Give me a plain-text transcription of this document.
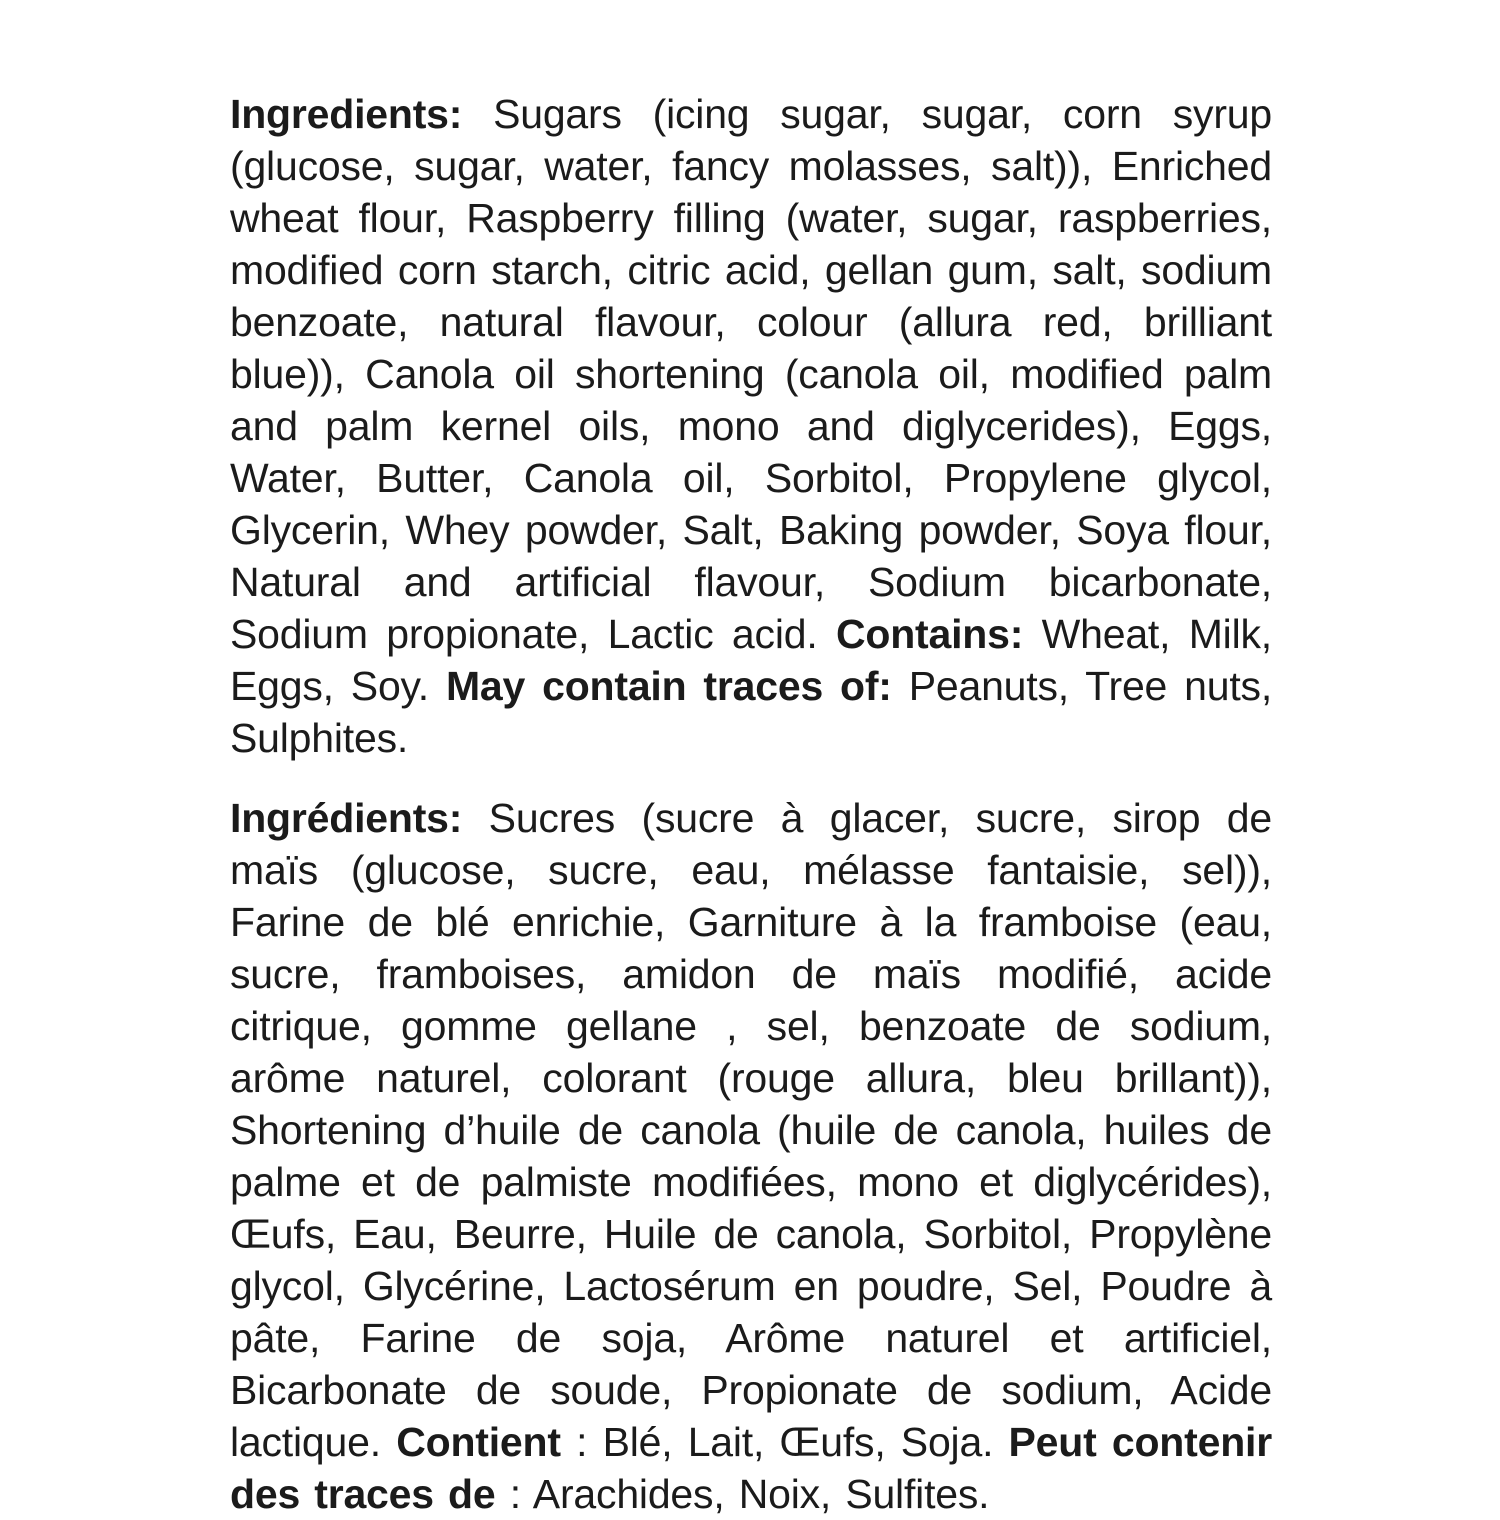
Ingredients: Sugars (icing sugar, sugar, corn syrup (glucose, sugar, water, fancy molasses, salt)), Enriched wheat flour, Raspberry filling (water, sugar, raspberries, modified corn starch, citric acid, gellan gum, salt, sodium benzoate, natural flavour, colour (allura red, brilliant blue)), Canola oil shortening (canola oil, modified palm and palm kernel oils, mono and diglycerides), Eggs, Water, Butter, Canola oil, Sorbitol, Propylene glycol, Glycerin, Whey powder, Salt, Baking powder, Soya flour, Natural and artificial flavour, Sodium bicarbonate, Sodium propionate, Lactic acid. Contains: Wheat, Milk, Eggs, Soy. May contain traces of: Peanuts, Tree nuts, Sulphites.

Ingrédients: Sucres (sucre à glacer, sucre, sirop de maïs (glucose, sucre, eau, mélasse fantaisie, sel)), Farine de blé enrichie, Garniture à la framboise (eau, sucre, framboises, amidon de maïs modifié, acide citrique, gomme gellane , sel, benzoate de sodium, arôme naturel, colorant (rouge allura, bleu brillant)), Shortening d’huile de canola (huile de canola, huiles de palme et de palmiste modifiées, mono et diglycérides), Œufs, Eau, Beurre, Huile de canola, Sorbitol, Propylène glycol, Glycérine, Lactosérum en poudre, Sel, Poudre à pâte, Farine de soja, Arôme naturel et artificiel, Bicarbonate de soude, Propionate de sodium, Acide lactique. Contient : Blé, Lait, Œufs, Soja. Peut contenir des traces de : Arachides, Noix, Sulfites.
